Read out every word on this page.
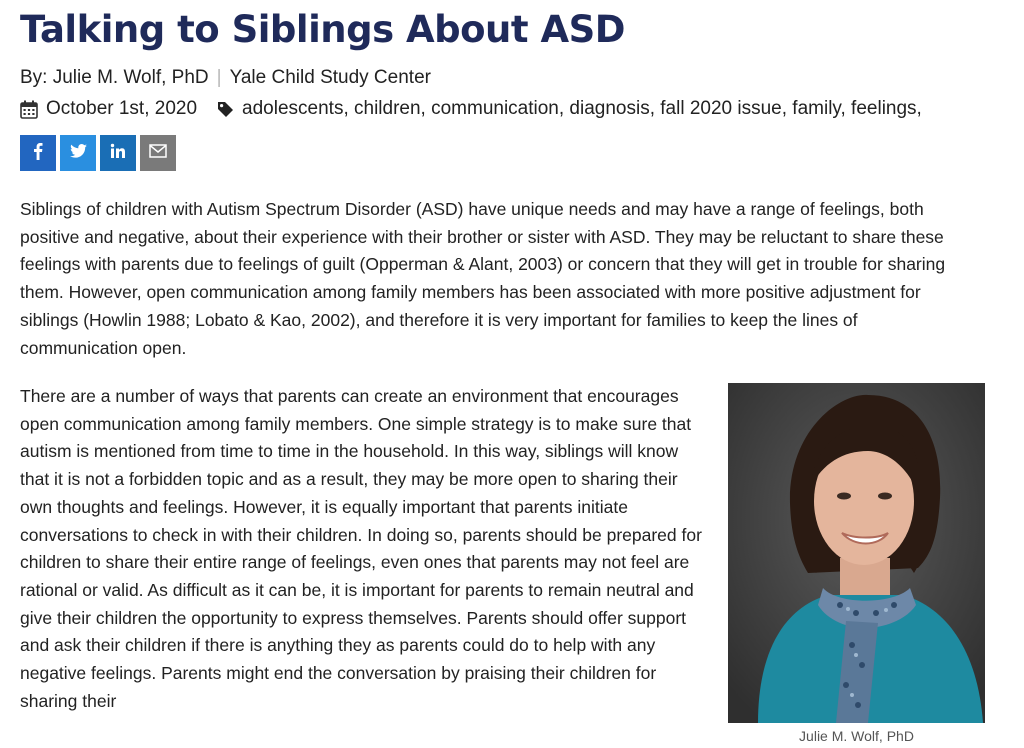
Talking to Siblings About ASD
By: Julie M. Wolf, PhD | Yale Child Study Center
October 1st, 2020 adolescents, children, communication, diagnosis, fall 2020 issue, family, feelings,

Siblings of children with Autism Spectrum Disorder (ASD) have unique needs and may have a range of feelings, both positive and negative, about their experience with their brother or sister with ASD. They may be reluctant to share these feelings with parents due to feelings of guilt (Opperman & Alant, 2003) or concern that they will get in trouble for sharing them. However, open communication among family members has been associated with more positive adjustment for siblings (Howlin 1988; Lobato & Kao, 2002), and therefore it is very important for families to keep the lines of communication open.

There are a number of ways that parents can create an environment that encourages open communication among family members. One simple strategy is to make sure that autism is mentioned from time to time in the household. In this way, siblings will know that it is not a forbidden topic and as a result, they may be more open to sharing their own thoughts and feelings. However, it is equally important that parents initiate conversations to check in with their children. In doing so, parents should be prepared for children to share their entire range of feelings, even ones that parents may not feel are rational or valid. As difficult as it can be, it is important for parents to remain neutral and give their children the opportunity to express themselves. Parents should offer support and ask their children if there is anything they as parents could do to help with any negative feelings. Parents might end the conversation by praising their children for sharing their

Julie M. Wolf, PhD
